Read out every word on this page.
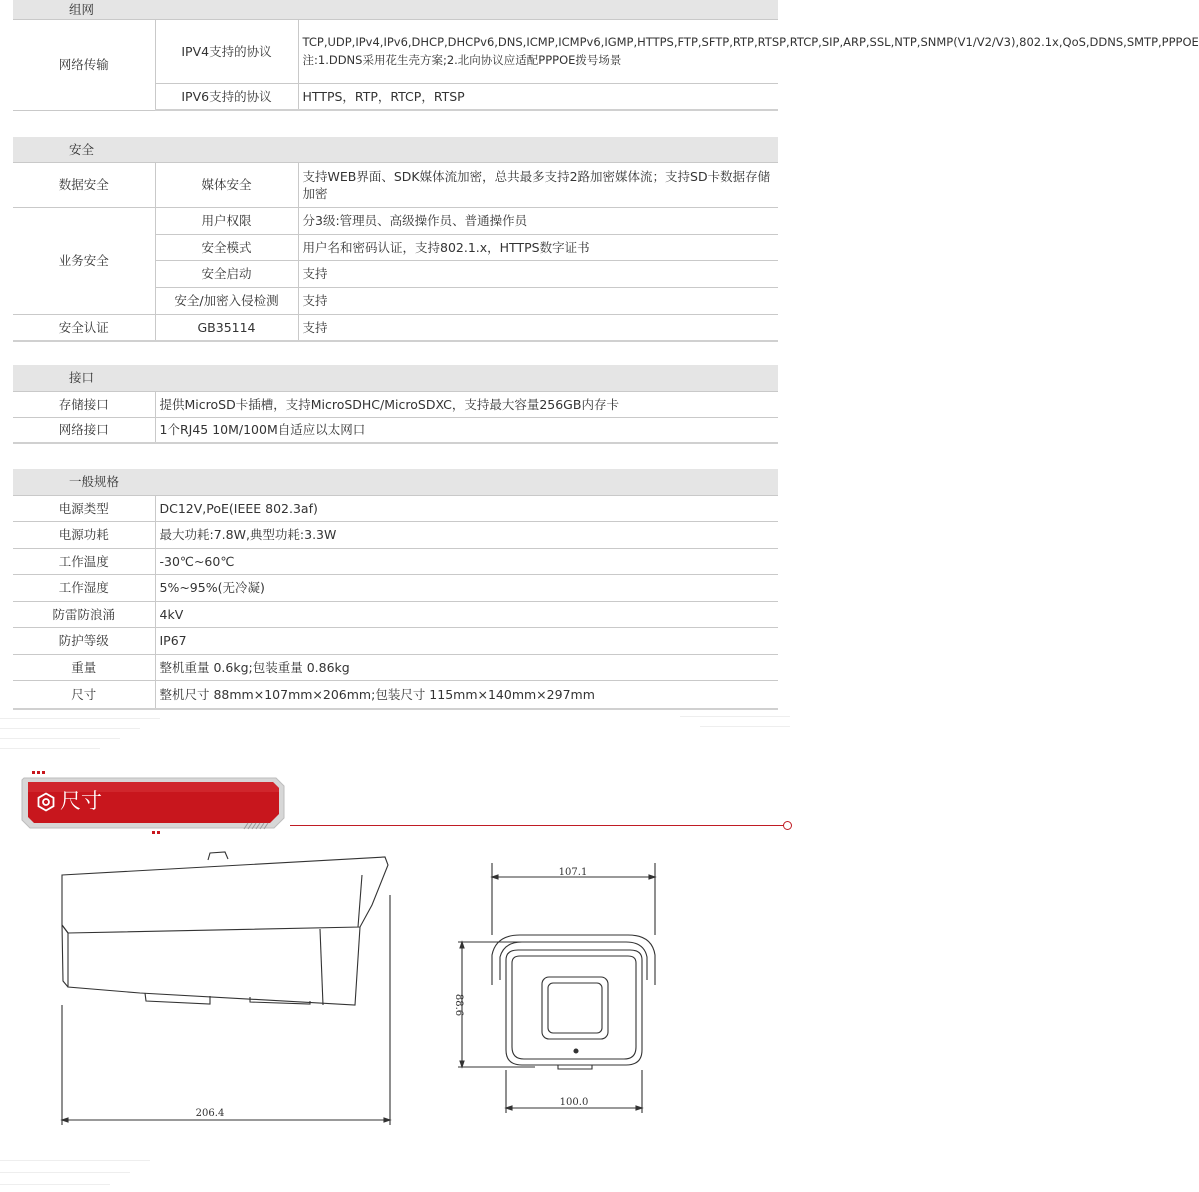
组网		
网络传输	IPV4支持的协议	TCP,UDP,IPv4,IPv6,DHCP,DHCPv6,DNS,ICMP,ICMPv6,IGMP,HTTPS,FTP,SFTP,RTP,RTSP,RTCP,SIP,ARP,SSL,NTP,SNMP(V1/V2/V3),802.1x,QoS,DDNS,SMTP,PPPOE 注:1.DDNS采用花生壳方案;2.北向协议应适配PPPOE拨号场景
	IPV6支持的协议	HTTPS，RTP，RTCP，RTSP
安全		
数据安全	媒体安全	支持WEB界面、SDK媒体流加密，总共最多支持2路加密媒体流；支持SD卡数据存储加密
业务安全	用户权限	分3级:管理员、高级操作员、普通操作员
	安全模式	用户名和密码认证，支持802.1.x，HTTPS数字证书
	安全启动	支持
	安全/加密入侵检测	支持
安全认证	GB35114	支持
接口	
存储接口	提供MicroSD卡插槽，支持MicroSDHC/MicroSDXC，支持最大容量256GB内存卡
网络接口	1个RJ45 10M/100M自适应以太网口
一般规格	
电源类型	DC12V,PoE(IEEE 802.3af)
电源功耗	最大功耗:7.8W,典型功耗:3.3W
工作温度	-30℃~60℃
工作湿度	5%~95%(无冷凝)
防雷防浪涌	4kV
防护等级	IP67
重量	整机重量 0.6kg;包装重量 0.86kg
尺寸	整机尺寸 88mm×107mm×206mm;包装尺寸 115mm×140mm×297mm
尺寸
206.4
107.1
88.6
100.0
